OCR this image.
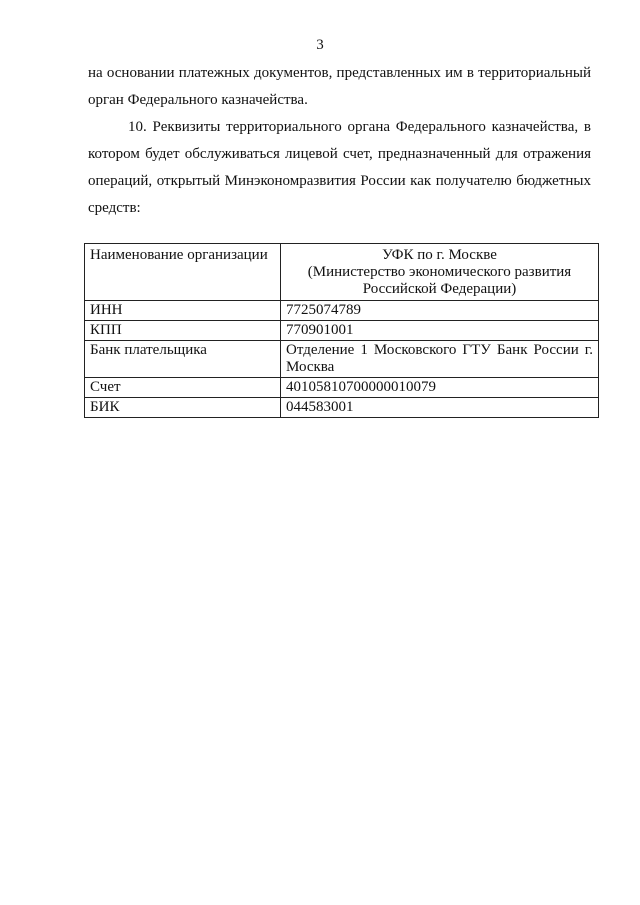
3

на основании платежных документов, представленных им в территориальный орган Федерального казначейства.

10. Реквизиты территориального органа Федерального казначейства, в котором будет обслуживаться лицевой счет, предназначенный для отражения операций, открытый Минэкономразвития России как получателю бюджетных средств:

Наименование организации	УФК по г. Москве
(Министерство экономического развития
Российской Федерации)

ИНН	7725074789
КПП	770901001
Банк плательщика	Отделение 1 Московского ГТУ Банк России г. Москва
Счет	40105810700000010079
БИК	044583001
